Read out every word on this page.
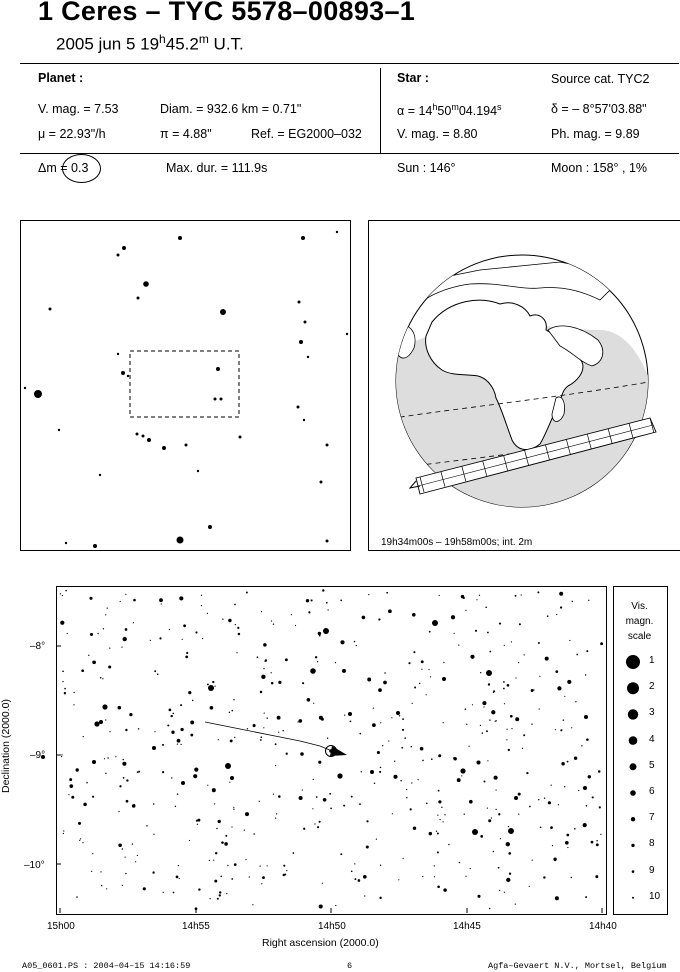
1 Ceres – TYC 5578–00893–1
2005 jun 5 19$^h$45.2$^m$ U.T.
Planet :
V. mag. = 7.53	Diam. = 932.6 km = 0.71"
μ = 22.93"/h	π = 4.88"	Ref. = EG2000–032
Star :	Source cat. TYC2
$\alpha = 14^h50^m04.194^s$	δ = – 8°57'03.88"
V. mag. = 8.80	Ph. mag. = 9.89
Δm = 0.3	Max. dur. = 111.9s	Sun : 146°	Moon : 158° , 1%
19h34m00s – 19h58m00s; int. 2m
Declination (2000.0)
Right ascension (2000.0)
–8°
–9°
–10°
15h00	14h55	14h50	14h45	14h40
Vis.
magn.
scale
1
2
3
4
5
6
7
8
9
10
A05_0601.PS : 2004–04–15 14:16:59	6	Agfa–Gevaert N.V., Mortsel, Belgium
